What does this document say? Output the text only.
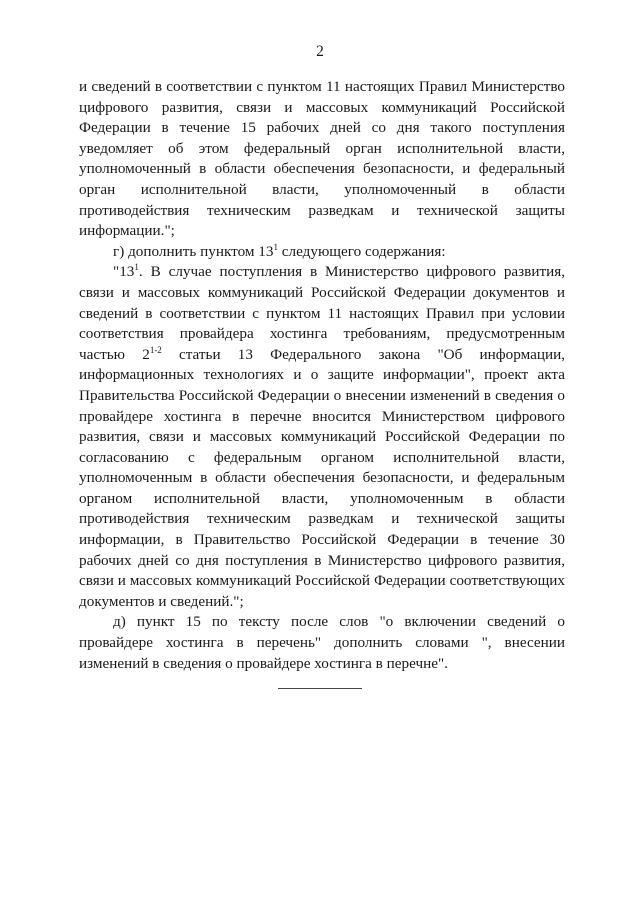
2

и сведений в соответствии с пунктом 11 настоящих Правил Министерство цифрового развития, связи и массовых коммуникаций Российской Федерации в течение 15 рабочих дней со дня такого поступления уведомляет об этом федеральный орган исполнительной власти, уполномоченный в области обеспечения безопасности, и федеральный орган исполнительной власти, уполномоченный в области противодействия техническим разведкам и технической защиты информации.";

г) дополнить пунктом $13^1$ следующего содержания:

"$13^1$. В случае поступления в Министерство цифрового развития, связи и массовых коммуникаций Российской Федерации документов и сведений в соответствии с пунктом 11 настоящих Правил при условии соответствия провайдера хостинга требованиям, предусмотренным частью 2$^{1-2}$ статьи 13 Федерального закона "Об информации, информационных технологиях и о защите информации", проект акта Правительства Российской Федерации о внесении изменений в сведения о провайдере хостинга в перечне вносится Министерством цифрового развития, связи и массовых коммуникаций Российской Федерации по согласованию с федеральным органом исполнительной власти, уполномоченным в области обеспечения безопасности, и федеральным органом исполнительной власти, уполномоченным в области противодействия техническим разведкам и технической защиты информации, в Правительство Российской Федерации в течение 30 рабочих дней со дня поступления в Министерство цифрового развития, связи и массовых коммуникаций Российской Федерации соответствующих документов и сведений.";

д) пункт 15 по тексту после слов "о включении сведений о провайдере хостинга в перечень" дополнить словами ", внесении изменений в сведения о провайдере хостинга в перечне".
